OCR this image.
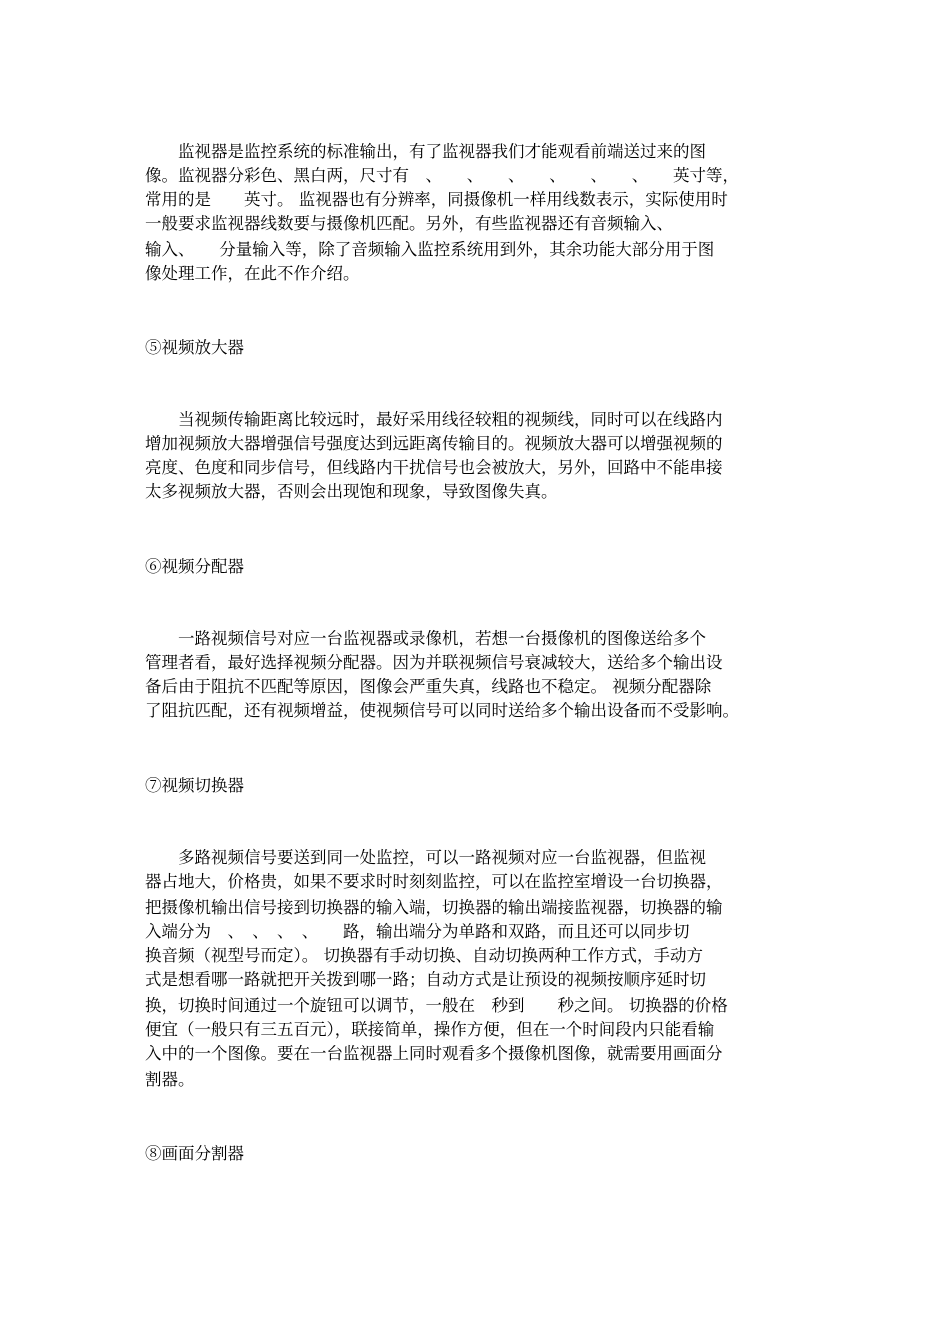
　　监视器是监控系统的标准输出，有了监视器我们才能观看前端送过来的图
像。监视器分彩色、黑白两，尺寸有　、　　、　　、　　、　　、　　、　　英寸等，
常用的是　　英寸。 监视器也有分辨率，同摄像机一样用线数表示，实际使用时
一般要求监视器线数要与摄像机匹配。另外，有些监视器还有音频输入、
输入、　　分量输入等，除了音频输入监控系统用到外，其余功能大部分用于图
像处理工作，在此不作介绍。
⑤视频放大器
　　当视频传输距离比较远时，最好采用线径较粗的视频线，同时可以在线路内
增加视频放大器增强信号强度达到远距离传输目的。视频放大器可以增强视频的
亮度、色度和同步信号，但线路内干扰信号也会被放大，另外，回路中不能串接
太多视频放大器，否则会出现饱和现象，导致图像失真。
⑥视频分配器
　　一路视频信号对应一台监视器或录像机，若想一台摄像机的图像送给多个
管理者看，最好选择视频分配器。因为并联视频信号衰减较大，送给多个输出设
备后由于阻抗不匹配等原因，图像会严重失真，线路也不稳定。 视频分配器除
了阻抗匹配，还有视频增益，使视频信号可以同时送给多个输出设备而不受影响。
⑦视频切换器
　　多路视频信号要送到同一处监控，可以一路视频对应一台监视器，但监视
器占地大，价格贵，如果不要求时时刻刻监控，可以在监控室增设一台切换器，
把摄像机输出信号接到切换器的输入端，切换器的输出端接监视器，切换器的输
入端分为　、　、　、　、　　路，输出端分为单路和双路，而且还可以同步切
换音频（视型号而定）。 切换器有手动切换、自动切换两种工作方式，手动方
式是想看哪一路就把开关拨到哪一路；自动方式是让预设的视频按顺序延时切
换，切换时间通过一个旋钮可以调节，一般在　秒到　　秒之间。 切换器的价格
便宜（一般只有三五百元），联接简单，操作方便，但在一个时间段内只能看输
入中的一个图像。要在一台监视器上同时观看多个摄像机图像，就需要用画面分
割器。
⑧画面分割器
